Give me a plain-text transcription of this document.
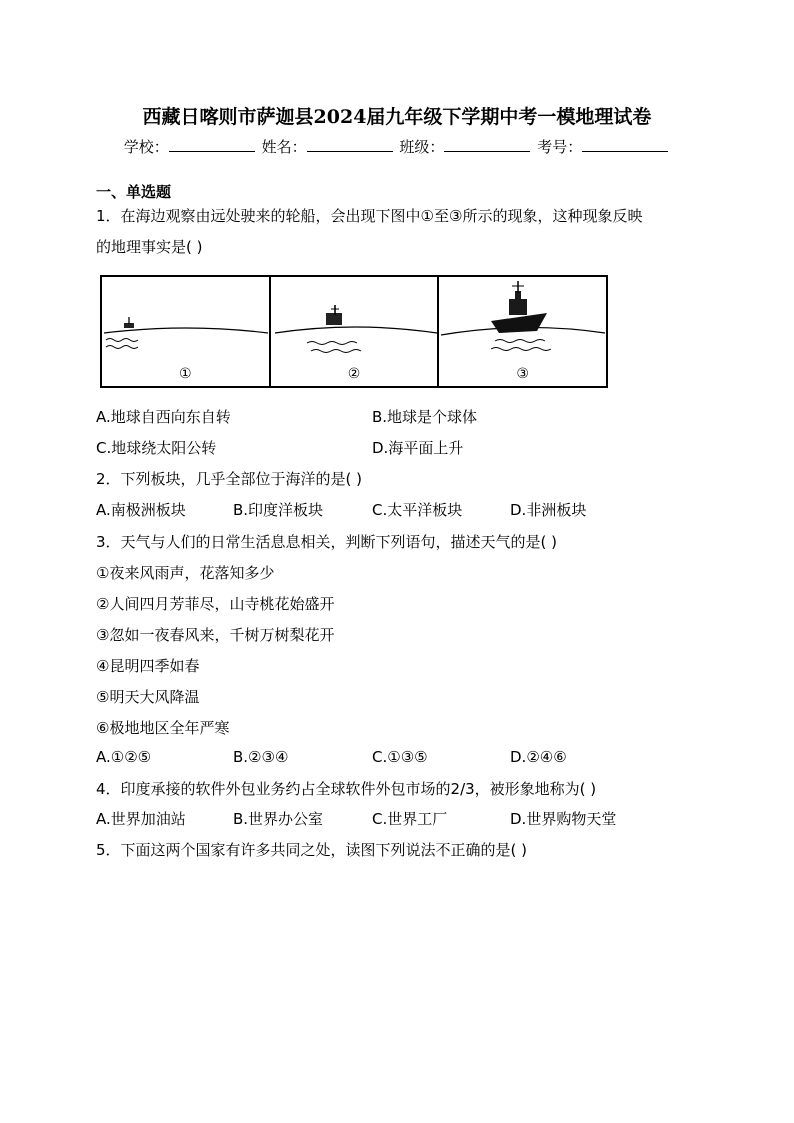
西藏日喀则市萨迦县2024届九年级下学期中考一模地理试卷
学校：	姓名：	班级：	考号：
一、单选题
1．在海边观察由远处驶来的轮船，会出现下图中①至③所示的现象，这种现象反映
的地理事实是( )
①	②	③
A.地球自西向东自转	B.地球是个球体
C.地球绕太阳公转	D.海平面上升
2．下列板块，几乎全部位于海洋的是( )
A.南极洲板块	B.印度洋板块	C.太平洋板块	D.非洲板块
3．天气与人们的日常生活息息相关，判断下列语句，描述天气的是( )
①夜来风雨声，花落知多少
②人间四月芳菲尽，山寺桃花始盛开
③忽如一夜春风来，千树万树梨花开
④昆明四季如春
⑤明天大风降温
⑥极地地区全年严寒
A.①②⑤	B.②③④	C.①③⑤	D.②④⑥
4．印度承接的软件外包业务约占全球软件外包市场的2/3，被形象地称为( )
A.世界加油站	B.世界办公室	C.世界工厂	D.世界购物天堂
5．下面这两个国家有许多共同之处，读图下列说法不正确的是( )
